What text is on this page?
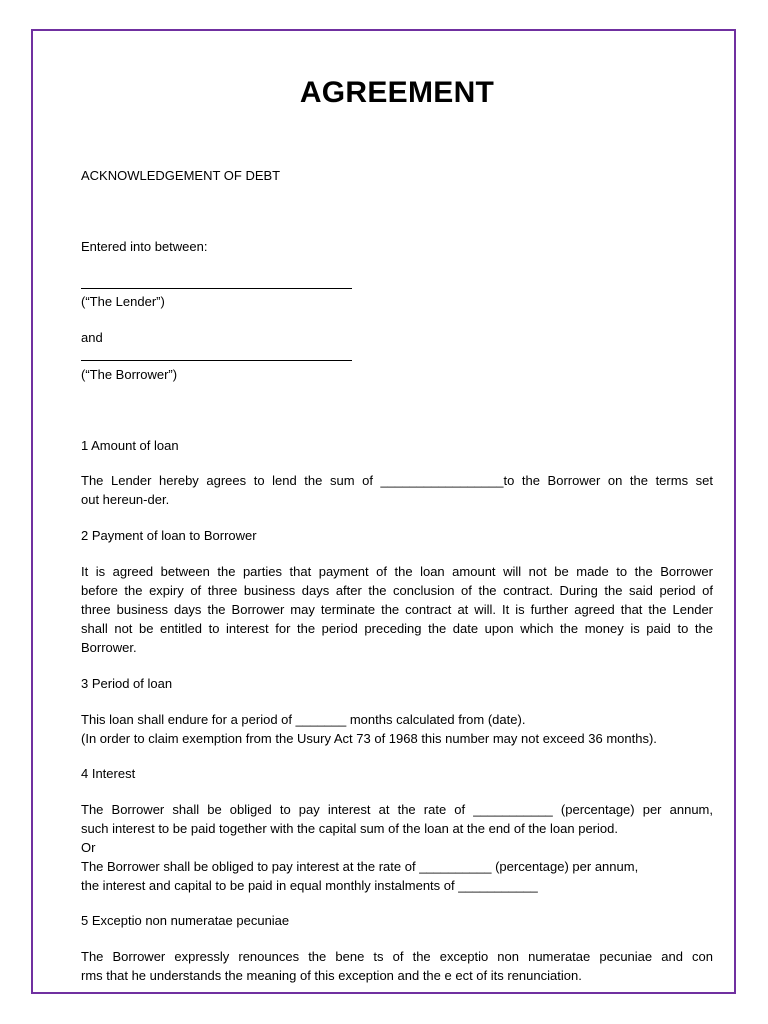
AGREEMENT
ACKNOWLEDGEMENT OF DEBT
Entered into between:
(“The Lender”)
and
(“The Borrower”)
1 Amount of loan
The Lender hereby agrees to lend the sum of _________________to the Borrower on the terms set
out hereun-der.
2 Payment of loan to Borrower
It is agreed between the parties that payment of the loan amount will not be made to the Borrower
before the expiry of three business days after the conclusion of the contract. During the said period of
three business days the Borrower may terminate the contract at will. It is further agreed that the Lender
shall not be entitled to interest for the period preceding the date upon which the money is paid to the
Borrower.
3 Period of loan
This loan shall endure for a period of _______ months calculated from (date).
(In order to claim exemption from the Usury Act 73 of 1968 this number may not exceed 36 months).
4 Interest
The Borrower shall be obliged to pay interest at the rate of ___________ (percentage) per annum,
such interest to be paid together with the capital sum of the loan at the end of the loan period.
Or
The Borrower shall be obliged to pay interest at the rate of __________ (percentage) per annum,
the interest and capital to be paid in equal monthly instalments of ___________
5 Exceptio non numeratae pecuniae
The Borrower expressly renounces the bene ts of the exceptio non numeratae pecuniae and con
rms that he understands the meaning of this exception and the e ect of its renunciation.
